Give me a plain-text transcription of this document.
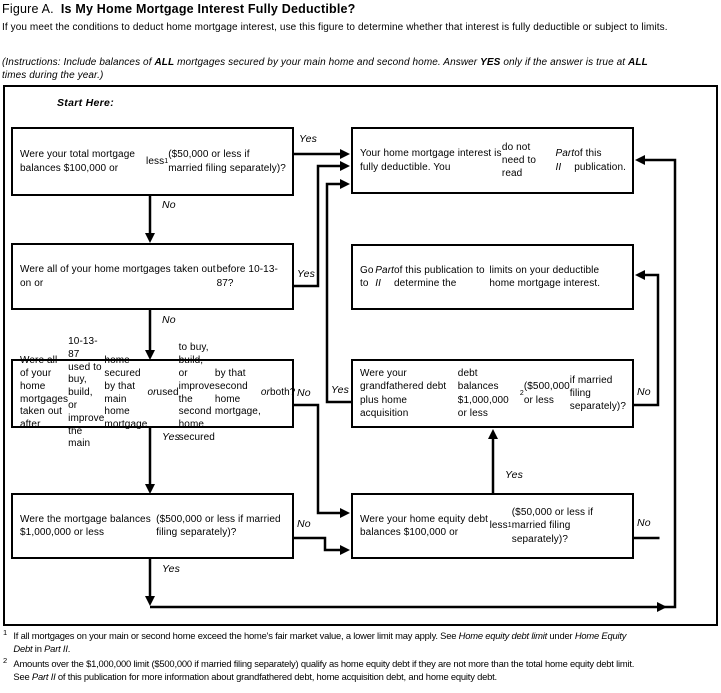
Figure A. Is My Home Mortgage Interest Fully Deductible?
If you meet the conditions to deduct home mortgage interest, use this figure to determine whether that interest is fully deductible or subject to limits.
(Instructions: Include balances of ALL mortgages secured by your main home and second home. Answer YES only if the answer is true at ALL
times during the year.)
Start Here:
Were your total mortgage balances $100,000 or

less 1
($50,000 or less if married filing separately)?
Were all of your home mortgages taken out on or

before 10-13-87?
Were all of your home mortgages taken out after

10-13-87 used to buy, build, or improve the main

home secured by that main home mortgage
or used

to buy, build, or improve the second home secured

by that second home mortgage,
or both?
Were the mortgage balances $1,000,000 or less

($500,000 or less if married filing separately)?
Your home mortgage interest is fully deductible. You

do not need to read
Part II
of this publication.
Go to
Part II
of this publication to determine the

limits on your deductible home mortgage interest.
Were your grandfathered debt plus home acquisition

debt balances $1,000,000 or less
2
($500,000 or less

if married filing separately)?
Were your home equity debt balances $100,000 or

less 1
($50,000 or less if married filing separately)?
Yes
No
Yes
No
No Yes	No
Yes
Yes
No	No
Yes
$^1$ If all mortgages on your main or second home exceed the home's fair market value, a lower limit may apply. See Home equity debt limit under Home Equity
Debt in Part II.
$^2$ Amounts over the $1,000,000 limit ($500,000 if married filing separately) qualify as home equity debt if they are not more than the total home equity debt limit.
See Part II of this publication for more information about grandfathered debt, home acquisition debt, and home equity debt.
